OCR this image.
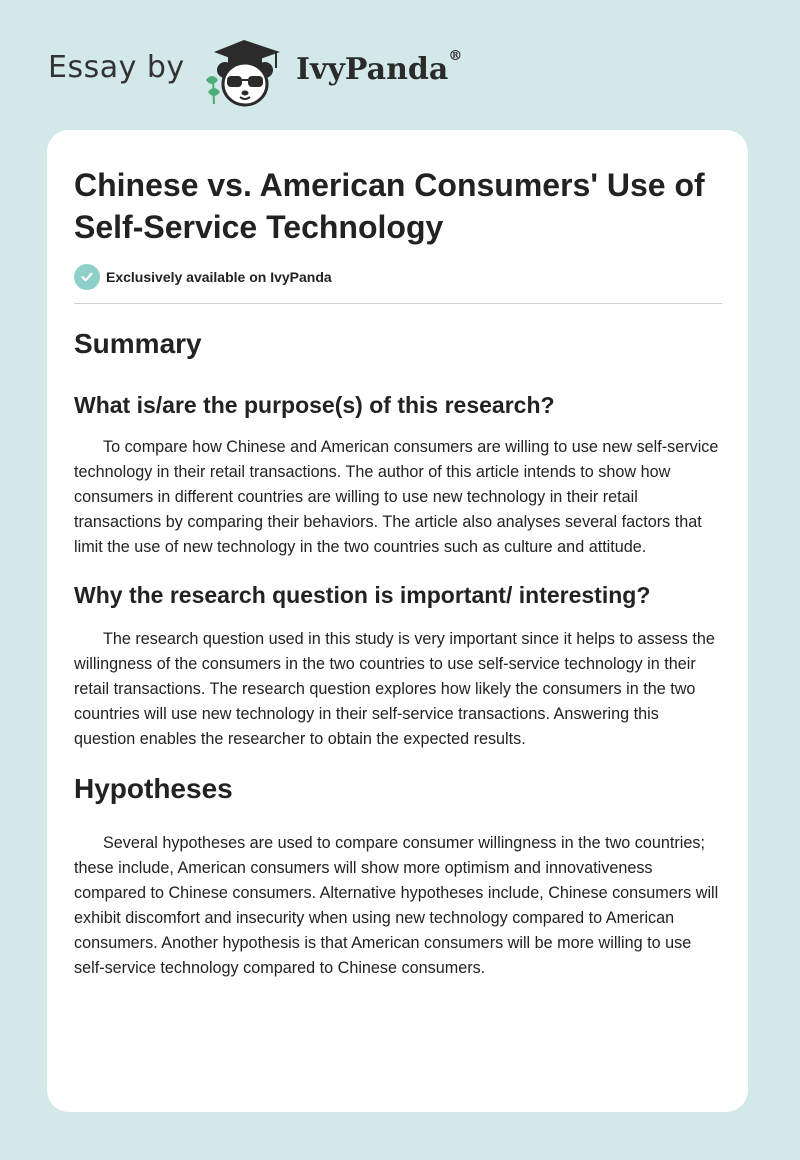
Essay by	IvyPanda®
Chinese vs. American Consumers' Use of Self-Service Technology
Exclusively available on IvyPanda
Summary
What is/are the purpose(s) of this research?

To compare how Chinese and American consumers are willing to use new self-service technology in their retail transactions. The author of this article intends to show how consumers in different countries are willing to use new technology in their retail transactions by comparing their behaviors. The article also analyses several factors that limit the use of new technology in the two countries such as culture and attitude.

Why the research question is important/ interesting?

The research question used in this study is very important since it helps to assess the willingness of the consumers in the two countries to use self-service technology in their retail transactions. The research question explores how likely the consumers in the two countries will use new technology in their self-service transactions. Answering this question enables the researcher to obtain the expected results.

Hypotheses

Several hypotheses are used to compare consumer willingness in the two countries; these include, American consumers will show more optimism and innovativeness compared to Chinese consumers. Alternative hypotheses include, Chinese consumers will exhibit discomfort and insecurity when using new technology compared to American consumers. Another hypothesis is that American consumers will be more willing to use self-service technology compared to Chinese consumers.
